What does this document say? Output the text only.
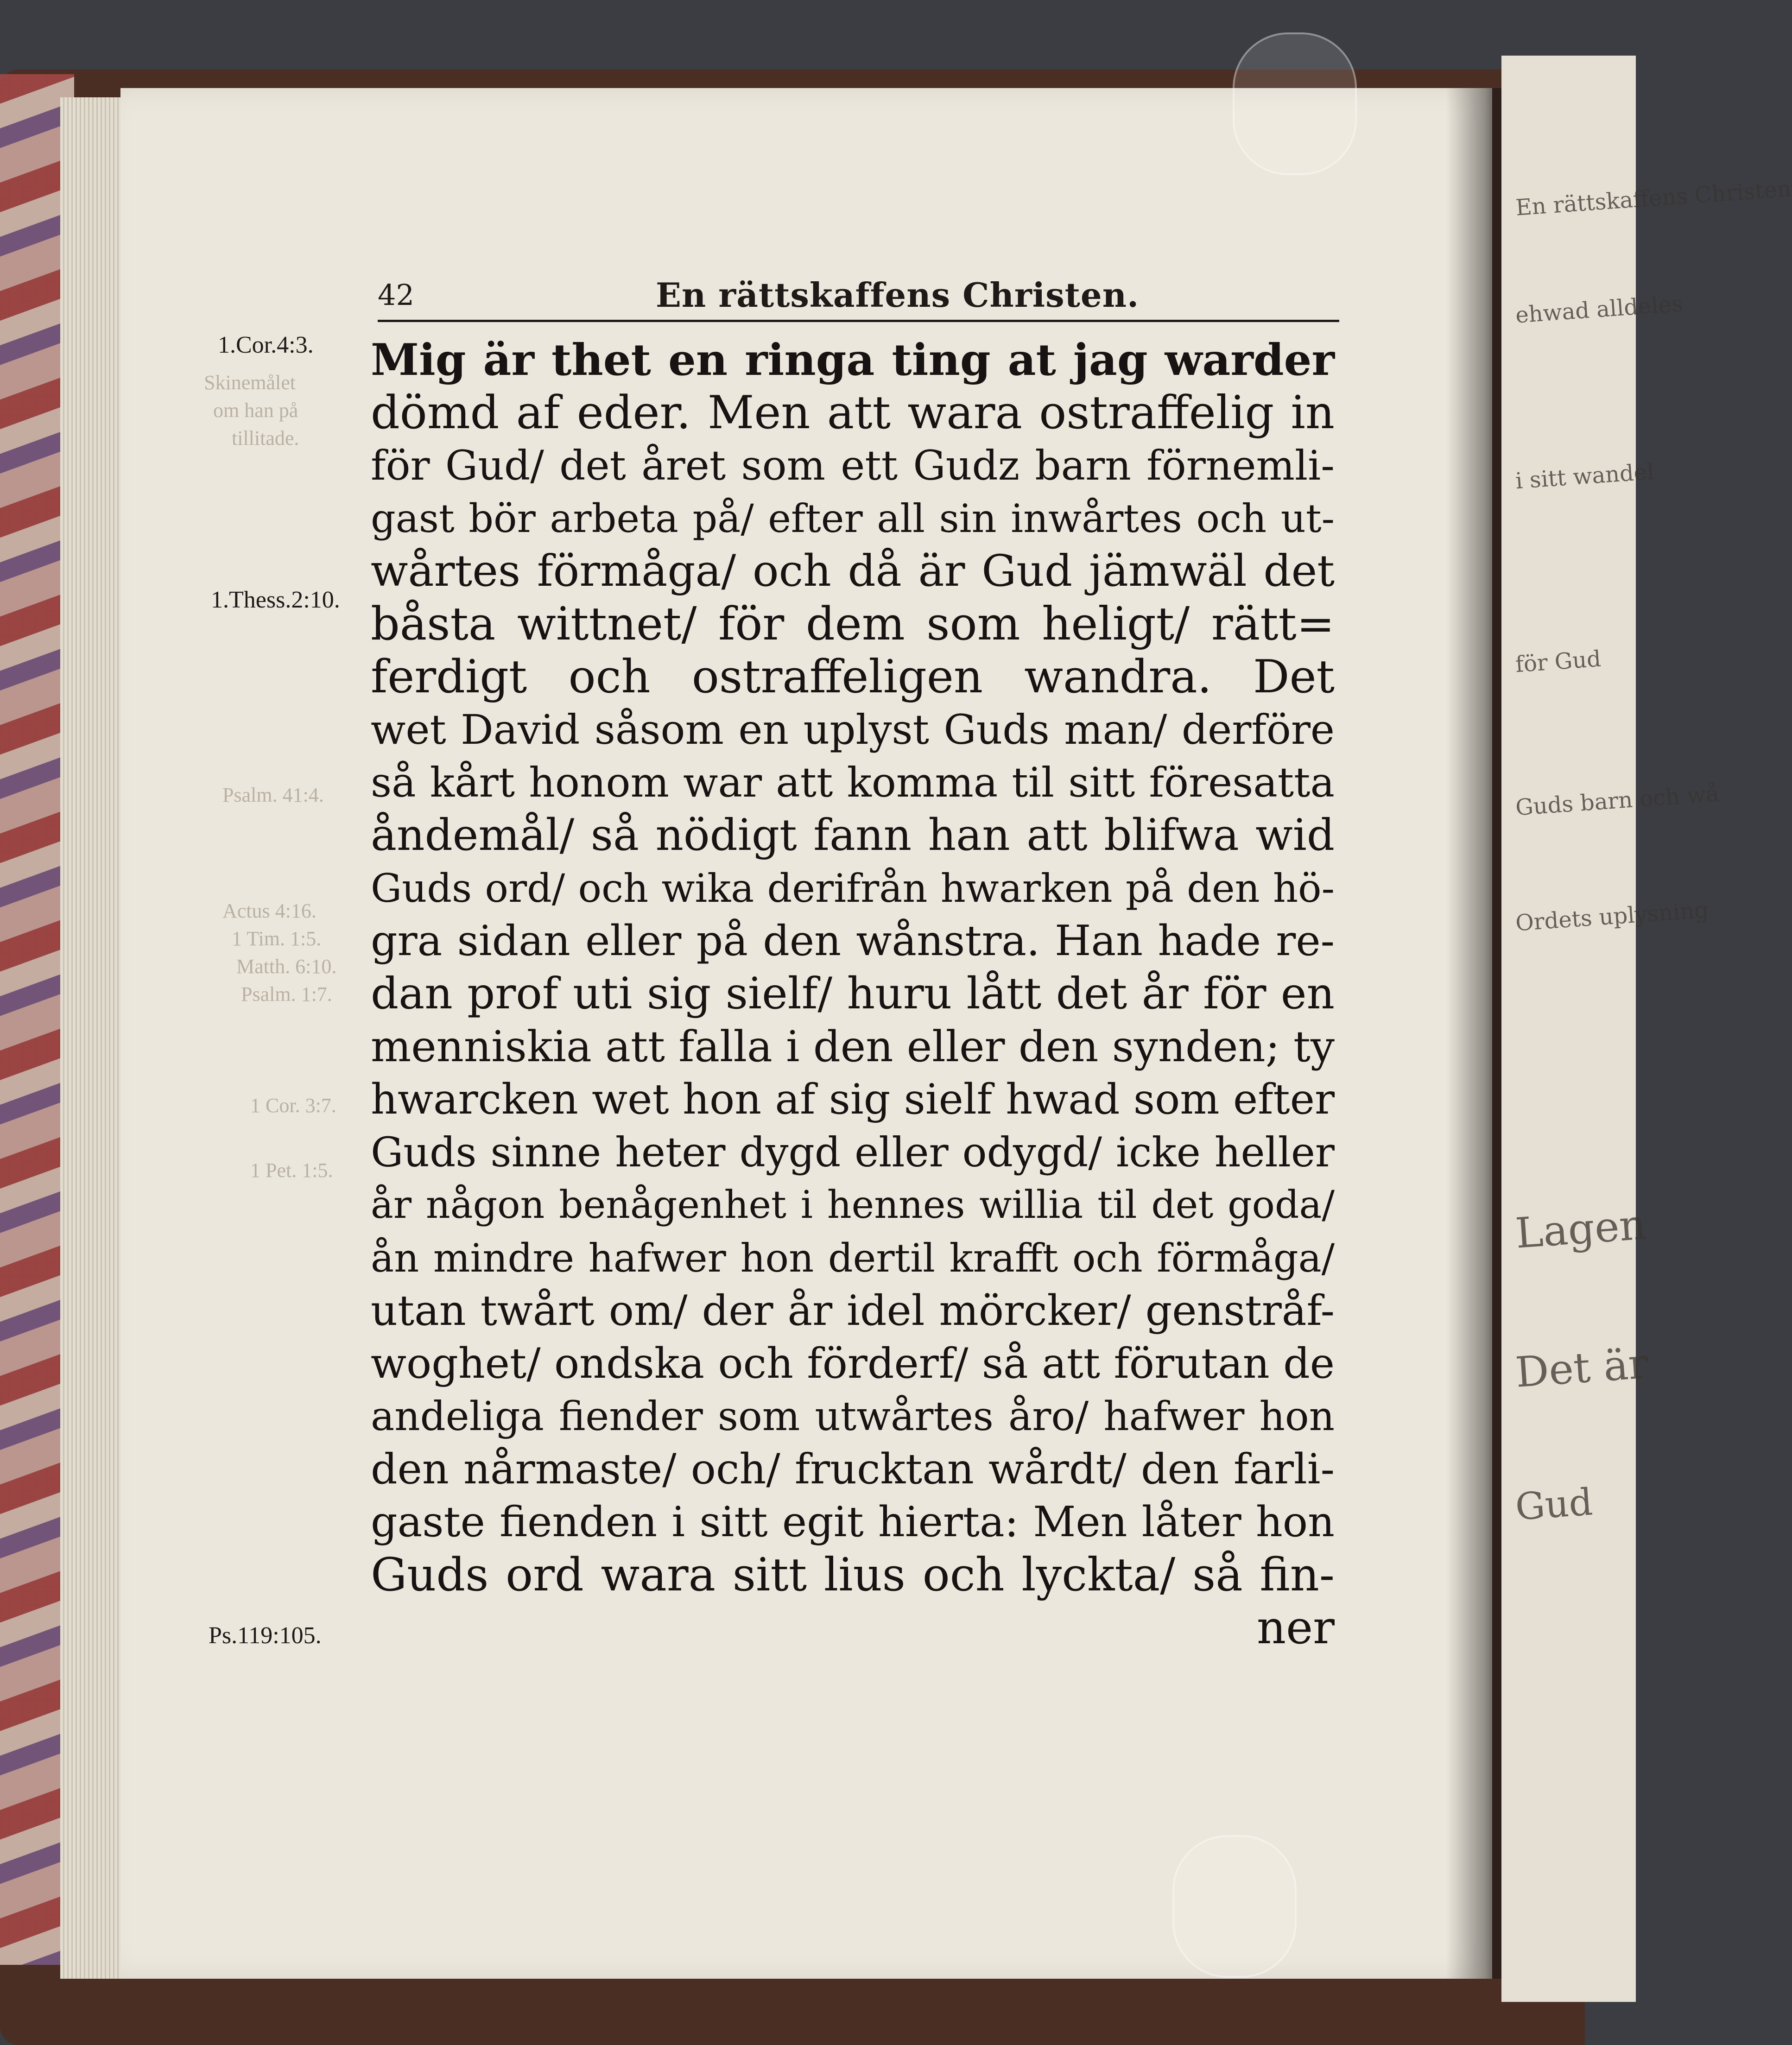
En rättskaffens Christen
ehwad alldeles
i sitt wandel
för Gud
Guds barn och wå
Ordets uplysning
Lagen
Det är
Gud
Skinemålet
om han på
tillitade.
Psalm. 41:4.
Actus 4:16.
1 Tim. 1:5.
Matth. 6:10.
Psalm. 1:7.
1 Cor. 3:7.
1 Pet. 1:5.
42	En rättskaffens Christen.
1.Cor.4:3.
1.Thess.2:10.
Ps.119:105.
Mig är thet en ringa ting at jag warder
dömd af eder. Men att wara ostraffelig in
för Gud/ det året som ett Gudz barn förnemli-
gast bör arbeta på/ efter all sin inwårtes och ut-
wårtes förmåga/ och då är Gud jämwäl det
båsta wittnet/ för dem som heligt/ rätt=
ferdigt och ostraffeligen wandra. Det
wet David såsom en uplyst Guds man/ derföre
så kårt honom war att komma til sitt föresatta
åndemål/ så nödigt fann han att blifwa wid
Guds ord/ och wika derifrån hwarken på den hö-
gra sidan eller på den wånstra. Han hade re-
dan prof uti sig sielf/ huru lått det år för en
menniskia att falla i den eller den synden; ty
hwarcken wet hon af sig sielf hwad som efter
Guds sinne heter dygd eller odygd/ icke heller
år någon benågenhet i hennes willia til det goda/
ån mindre hafwer hon dertil krafft och förmåga/
utan twårt om/ der år idel mörcker/ genstråf-
woghet/ ondska och förderf/ så att förutan de
andeliga fiender som utwårtes åro/ hafwer hon
den nårmaste/ och/ frucktan wårdt/ den farli-
gaste fienden i sitt egit hierta: Men låter hon
Guds ord wara sitt lius och lyckta/ så fin-
ner
